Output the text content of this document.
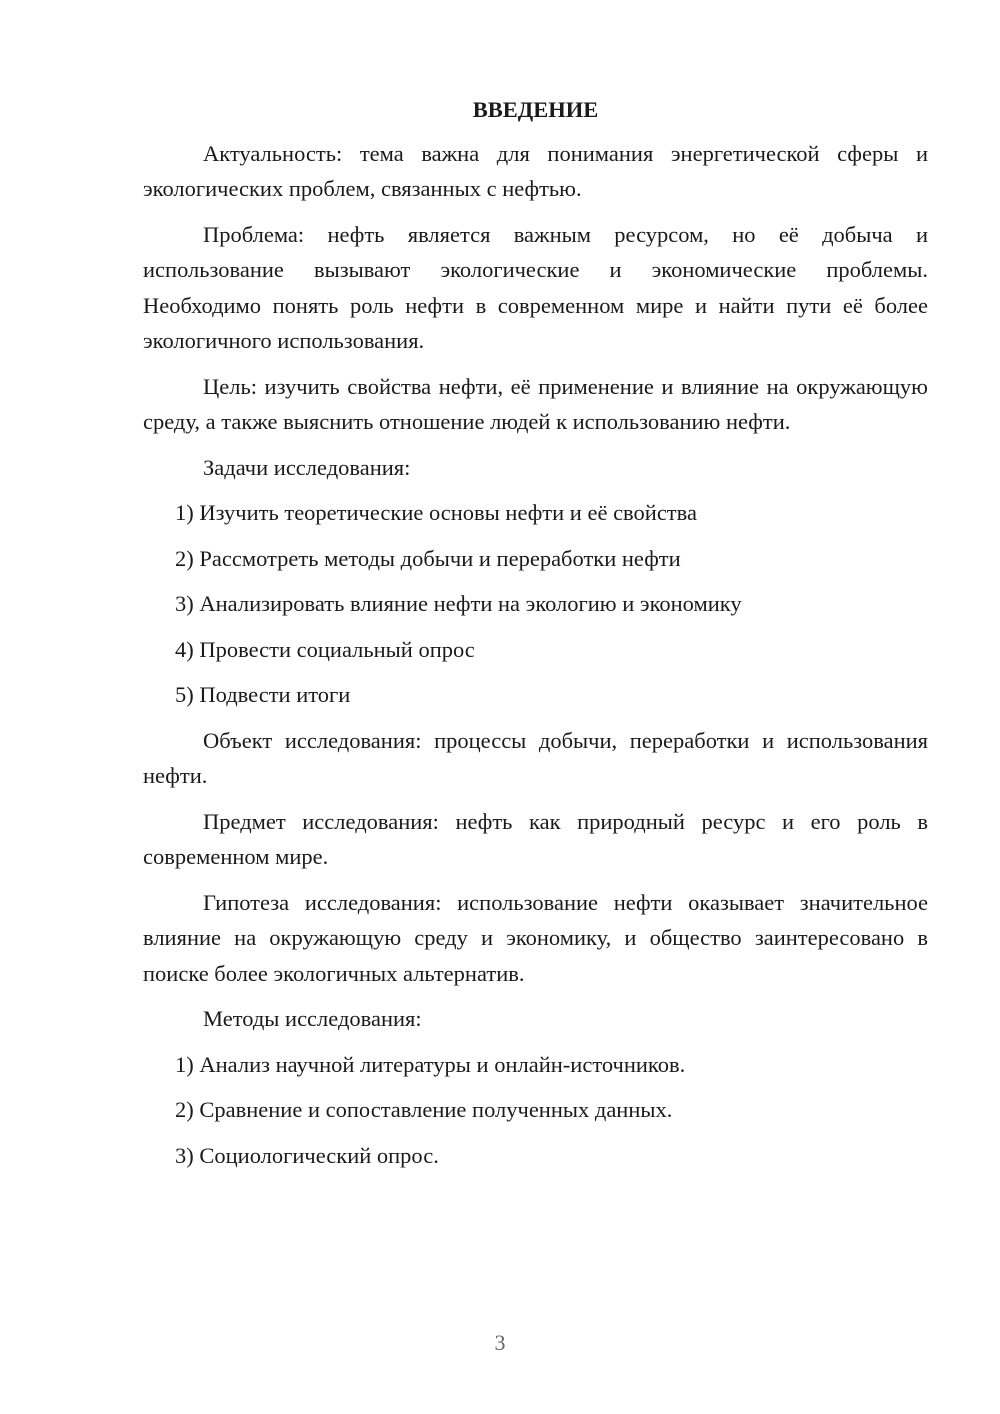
ВВЕДЕНИЕ

Актуальность: тема важна для понимания энергетической сферы и экологических проблем, связанных с нефтью.

Проблема: нефть является важным ресурсом, но её добыча и использование вызывают экологические и экономические проблемы. Необходимо понять роль нефти в современном мире и найти пути её более экологичного использования.

Цель: изучить свойства нефти, её применение и влияние на окружающую среду, а также выяснить отношение людей к использованию нефти.

Задачи исследования:
1) Изучить теоретические основы нефти и её свойства
2) Рассмотреть методы добычи и переработки нефти
3) Анализировать влияние нефти на экологию и экономику
4) Провести социальный опрос
5) Подвести итоги

Объект исследования: процессы добычи, переработки и использования нефти.

Предмет исследования: нефть как природный ресурс и его роль в современном мире.

Гипотеза исследования: использование нефти оказывает значительное влияние на окружающую среду и экономику, и общество заинтересовано в поиске более экологичных альтернатив.

Методы исследования:
1) Анализ научной литературы и онлайн-источников.
2) Сравнение и сопоставление полученных данных.
3) Социологический опрос.
3
